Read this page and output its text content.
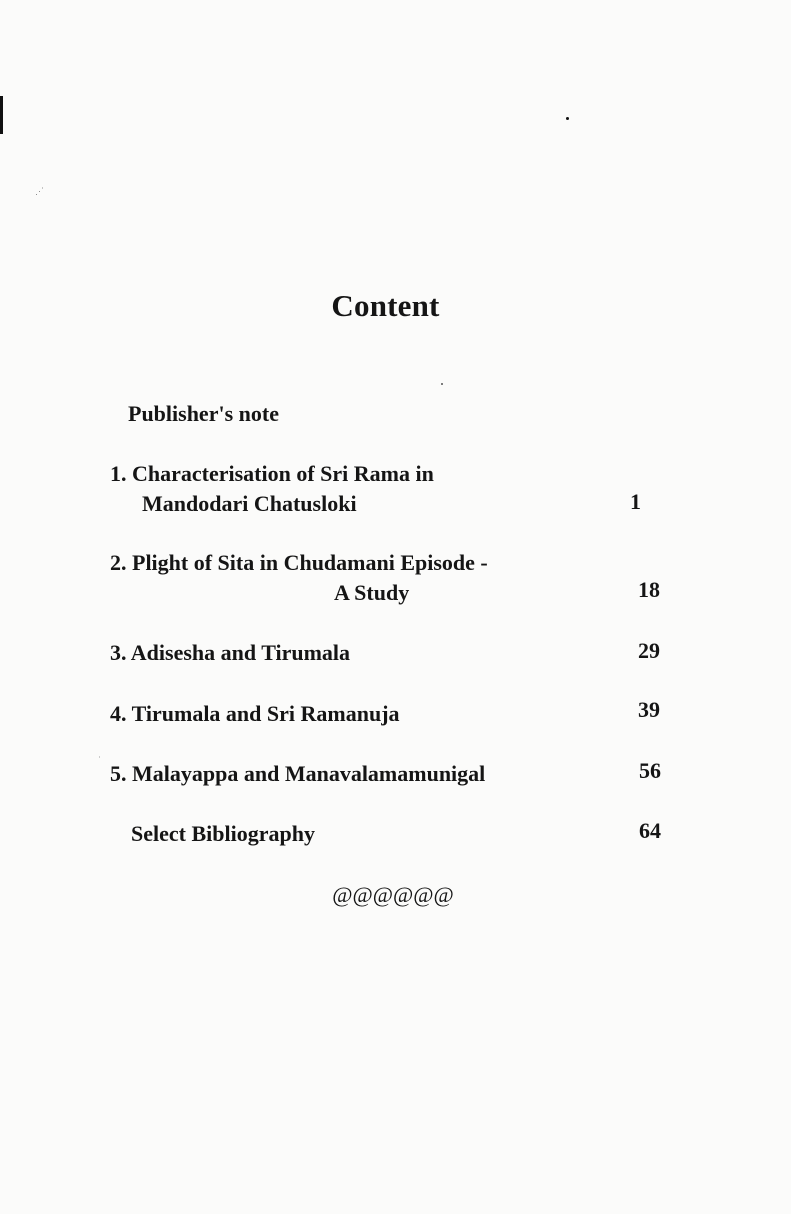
⋰
ʿ
Content
Publisher's note
1. Characterisation of Sri Rama in
Mandodari Chatusloki	1
2. Plight of Sita in Chudamani Episode -
A Study	18
3. Adisesha and Tirumala	29
4. Tirumala and Sri Ramanuja	39
5. Malayappa and Manavalamamunigal	56
Select Bibliography	64
@@@@@@
